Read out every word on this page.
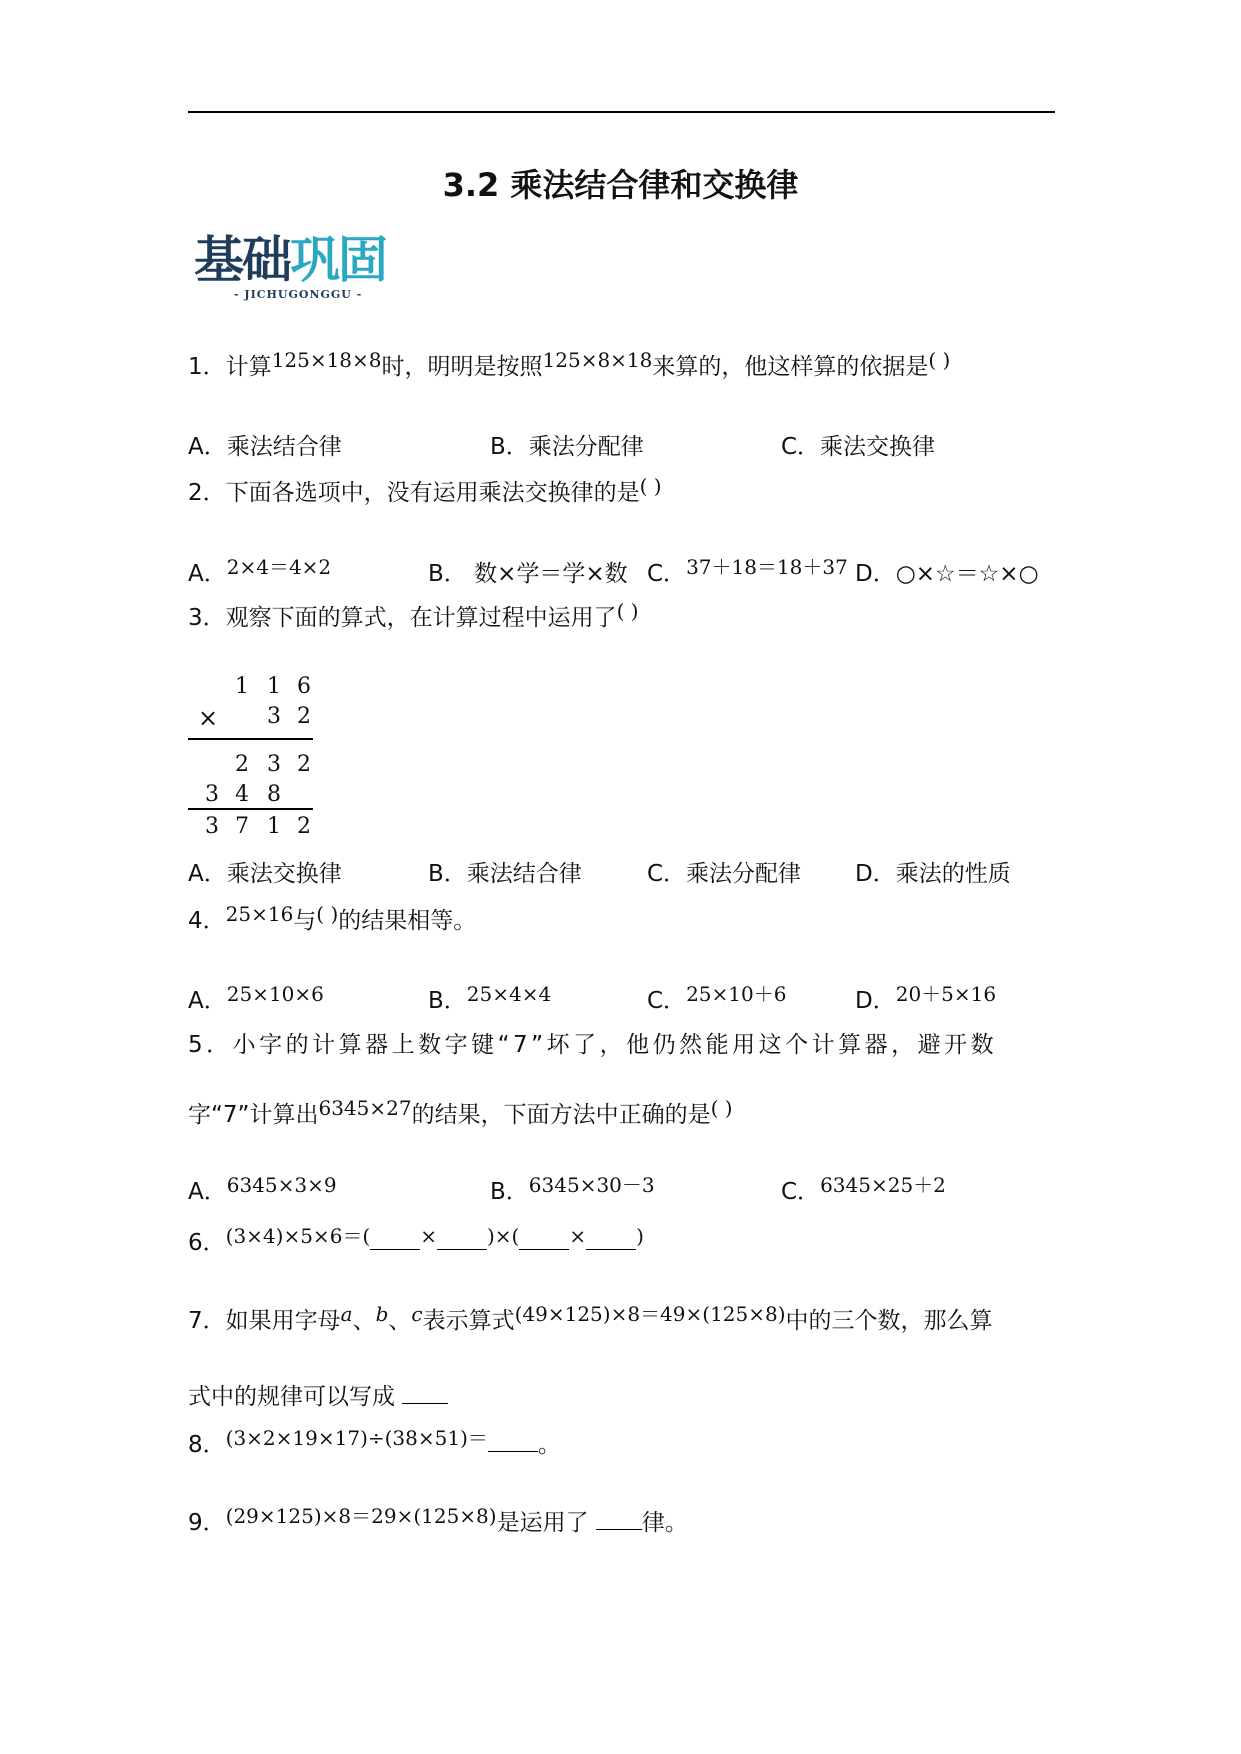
3.2 乘法结合律和交换律
基础巩固
- JICHUGONGGU -
1．计算125×18×8时，明明是按照125×8×18来算的，他这样算的依据是( )
A．乘法结合律	B．乘法分配律	C．乘法交换律
2．下面各选项中，没有运用乘法交换律的是( )
A．2×4＝4×2	B． 数×学＝学×数 C．37＋18＝18＋37 D．○×☆＝☆×○
3．观察下面的算式，在计算过程中运用了( )
1 1 6
× 3 2
2 3 2
3 4 8
3 7 1 2
A．乘法交换律	B．乘法结合律	C．乘法分配律 D．乘法的性质
4．25×16与( )的结果相等。
A．25×10×6	B．25×4×4	C．25×10＋6	D．20＋5×16
5．小字的计算器上数字键“7”坏了，他仍然能用这个计算器，避开数
字“7”计算出6345×27的结果，下面方法中正确的是( )
A．6345×3×9	B．6345×30－3	C．6345×25＋2
6．(3×4)×5×6＝(	×	)×(	×	)
7．如果用字母a、b、c表示算式(49×125)×8＝49×(125×8)中的三个数，那么算
式中的规律可以写成
8．(3×2×19×17)÷(38×51)＝ 。
9．(29×125)×8＝29×(125×8)是运用了 律。
